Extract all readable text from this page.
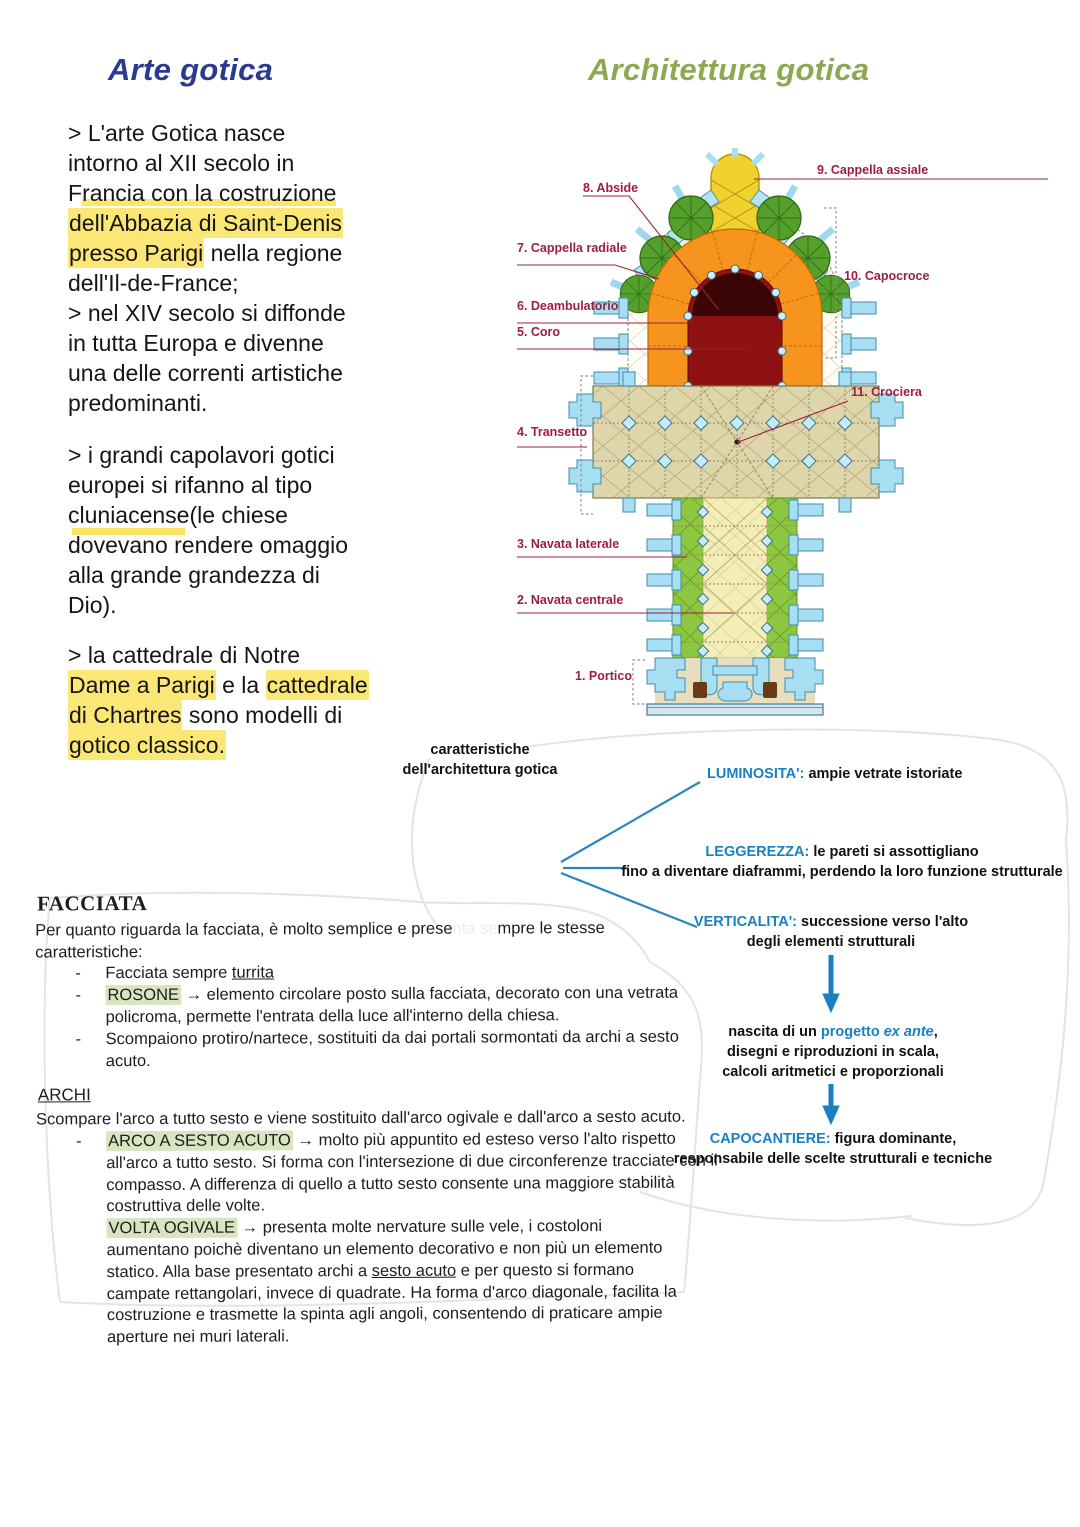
Arte gotica	Architettura gotica
> L'arte Gotica nasce
intorno al XII secolo in
Francia con la costruzione
dell'Abbazia di Saint-Denis
presso Parigi nella regione
dell'Il-de-France;
> nel XIV secolo si diffonde
in tutta Europa e divenne
una delle correnti artistiche
predominanti.
> i grandi capolavori gotici
europei si rifanno al tipo
cluniacense(le chiese
dovevano rendere omaggio
alla grande grandezza di
Dio).
> la cattedrale di Notre
Dame a Parigi e la cattedrale
di Chartres sono modelli di
gotico classico.
8. Abside
9. Cappella assiale
7. Cappella radiale
10. Capocroce
6. Deambulatorio
5. Coro
11. Crociera
4. Transetto
3. Navata laterale
2. Navata centrale
1. Portico
caratteristiche
dell'architettura gotica	LUMINOSITA': ampie vetrate istoriate
LEGGEREZZA: le pareti si assottigliano
fino a diventare diaframmi, perdendo la loro funzione strutturale
VERTICALITA': successione verso l'alto
degli elementi strutturali
nascita di un progetto ex ante,
disegni e riproduzioni in scala,
calcoli aritmetici e proporzionali
CAPOCANTIERE: figura dominante,
responsabile delle scelte strutturali e tecniche
FACCIATA
Per quanto riguarda la facciata, è molto semplice e presenta sempre le stesse
caratteristiche:
- Facciata sempre turrita
- ROSONE → elemento circolare posto sulla facciata, decorato con una vetrata
policroma, permette l'entrata della luce all'interno della chiesa.
- Scompaiono protiro/nartece, sostituiti da dai portali sormontati da archi a sesto
acuto.
ARCHI
Scompare l'arco a tutto sesto e viene sostituito dall'arco ogivale e dall'arco a sesto acuto.
- ARCO A SESTO ACUTO → molto più appuntito ed esteso verso l'alto rispetto
all'arco a tutto sesto. Si forma con l'intersezione di due circonferenze tracciate con il
compasso. A differenza di quello a tutto sesto consente una maggiore stabilità
costruttiva delle volte.
VOLTA OGIVALE → presenta molte nervature sulle vele, i costoloni
aumentano poichè diventano un elemento decorativo e non più un elemento
statico. Alla base presentato archi a sesto acuto e per questo si formano
campate rettangolari, invece di quadrate. Ha forma d'arco diagonale, facilita la
costruzione e trasmette la spinta agli angoli, consentendo di praticare ampie
aperture nei muri laterali.
